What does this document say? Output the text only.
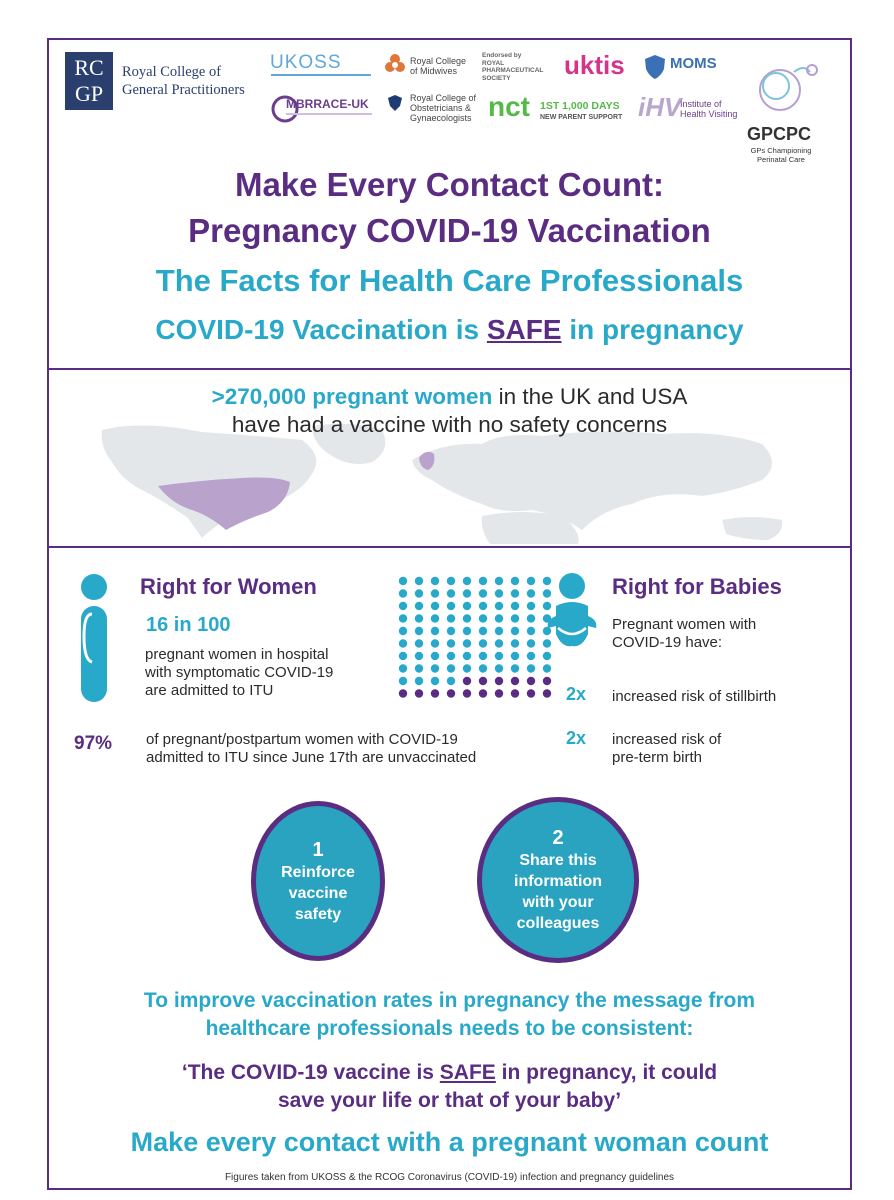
RC
GP
Royal College of
General Practitioners
UKOSS	Royal College
of Midwives
Endorsed by
ROYAL
PHARMACEUTICAL
SOCIETY	uktis	MOMS
GPCPC
GPs Championing
Perinatal Care
MBRRACE-UK	Royal College of
Obstetricians &
Gynaecologists nct 1ST 1,000 DAYS
NEW PARENT SUPPORT iHV
Institute of
Health Visiting
Make Every Contact Count:
Pregnancy COVID-19 Vaccination
The Facts for Health Care Professionals
COVID-19 Vaccination is SAFE in pregnancy
>270,000 pregnant women in the UK and USA
have had a vaccine with no safety concerns
Right for Women
16 in 100
pregnant women in hospital
with symptomatic COVID-19
are admitted to ITU
97% of pregnant/postpartum women with COVID-19
admitted to ITU since June 17th are unvaccinated
Right for Babies
Pregnant women with
COVID-19 have:
2x increased risk of stillbirth
2x increased risk of
pre-term birth
1
Reinforce
vaccine
safety
2
Share this
information
with your
colleagues
To improve vaccination rates in pregnancy the message from
healthcare professionals needs to be consistent:
‘The COVID-19 vaccine is SAFE in pregnancy, it could
save your life or that of your baby’
Make every contact with a pregnant woman count
Figures taken from UKOSS & the RCOG Coronavirus (COVID-19) infection and pregnancy guidelines
